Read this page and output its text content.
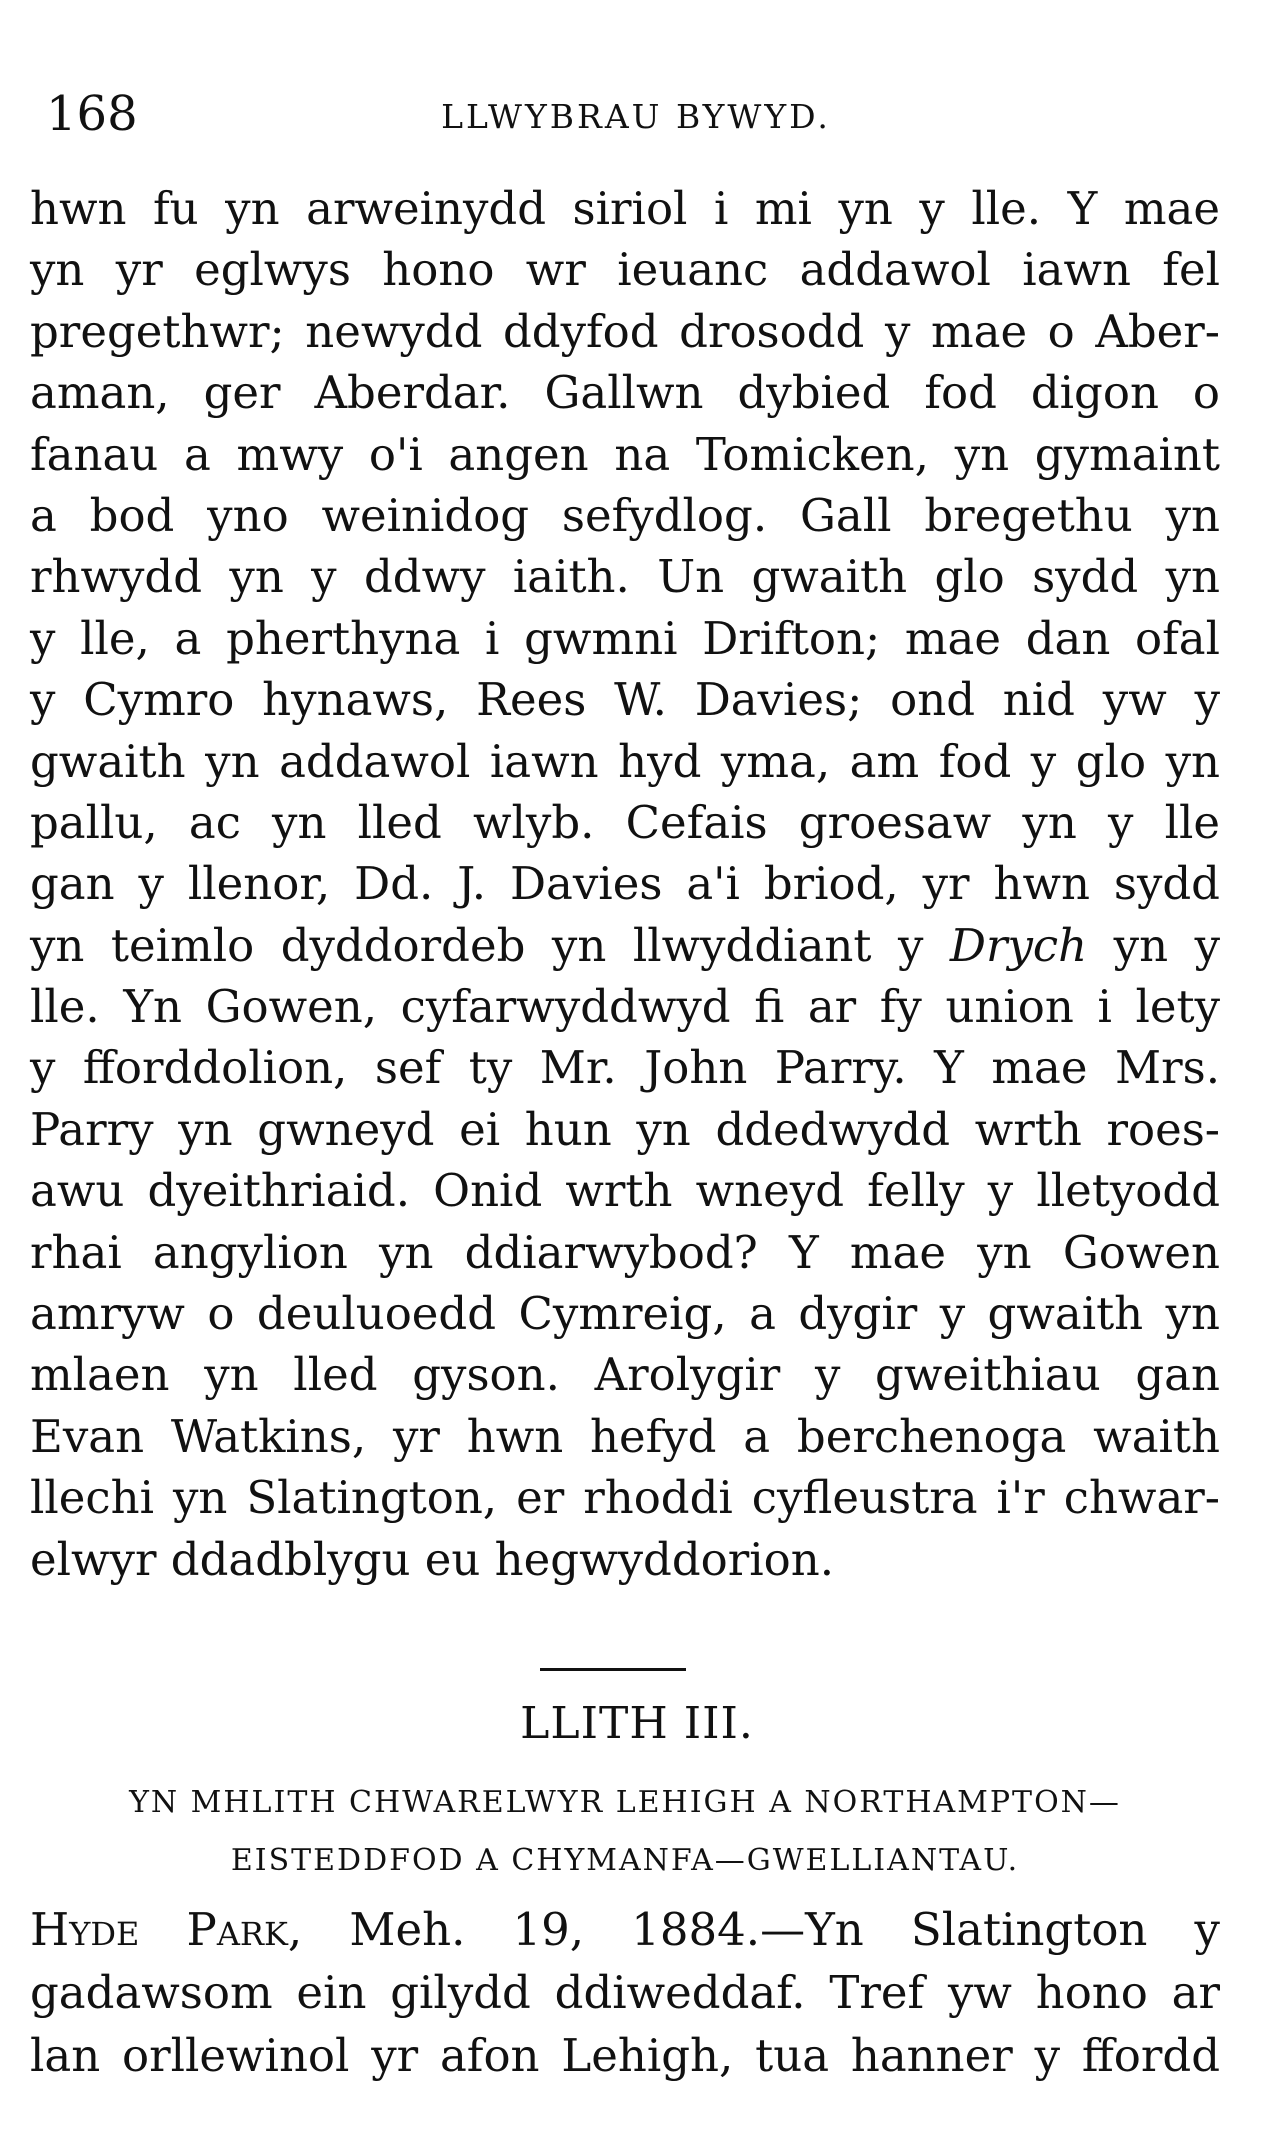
168	LLWYBRAU BYWYD.
hwn fu yn arweinydd siriol i mi yn y lle. Y mae
yn yr eglwys hono wr ieuanc addawol iawn fel
pregethwr; newydd ddyfod drosodd y mae o Aber-
aman, ger Aberdar. Gallwn dybied fod digon o
fanau a mwy o'i angen na Tomicken, yn gymaint
a bod yno weinidog sefydlog. Gall bregethu yn
rhwydd yn y ddwy iaith. Un gwaith glo sydd yn
y lle, a pherthyna i gwmni Drifton; mae dan ofal
y Cymro hynaws, Rees W. Davies; ond nid yw y
gwaith yn addawol iawn hyd yma, am fod y glo yn
pallu, ac yn lled wlyb. Cefais groesaw yn y lle
gan y llenor, Dd. J. Davies a'i briod, yr hwn sydd
yn teimlo dyddordeb yn llwyddiant y Drych yn y
lle. Yn Gowen, cyfarwyddwyd fi ar fy union i lety
y fforddolion, sef ty Mr. John Parry. Y mae Mrs.
Parry yn gwneyd ei hun yn ddedwydd wrth roes-
awu dyeithriaid. Onid wrth wneyd felly y lletyodd
rhai angylion yn ddiarwybod? Y mae yn Gowen
amryw o deuluoedd Cymreig, a dygir y gwaith yn
mlaen yn lled gyson. Arolygir y gweithiau gan
Evan Watkins, yr hwn hefyd a berchenoga waith
llechi yn Slatington, er rhoddi cyfleustra i'r chwar-
elwyr ddadblygu eu hegwyddorion.
LLITH III.
YN MHLITH CHWARELWYR LEHIGH A NORTHAMPTON—
EISTEDDFOD A CHYMANFA—GWELLIANTAU.
Hyde Park, Meh. 19, 1884.—Yn Slatington y
gadawsom ein gilydd ddiweddaf. Tref yw hono ar
lan orllewinol yr afon Lehigh, tua hanner y ffordd
